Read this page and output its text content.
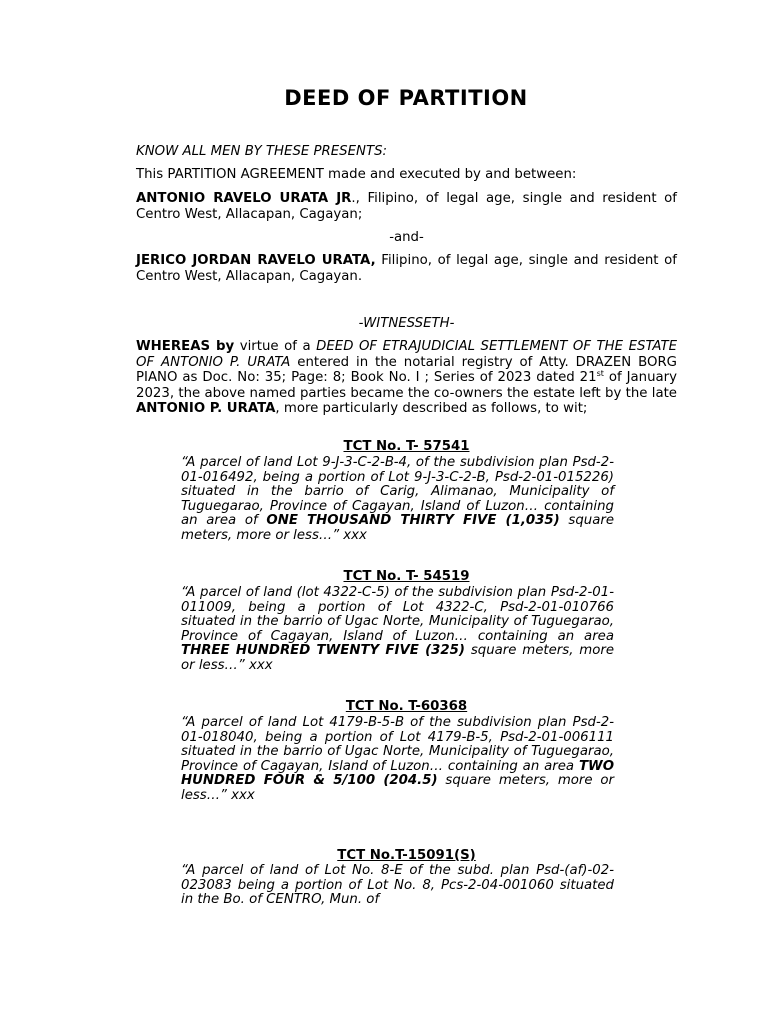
DEED OF PARTITION

KNOW ALL MEN BY THESE PRESENTS:

This PARTITION AGREEMENT made and executed by and between:

ANTONIO RAVELO URATA JR., Filipino, of legal age, single and resident of Centro West, Allacapan, Cagayan;

-and-

JERICO JORDAN RAVELO URATA, Filipino, of legal age, single and resident of Centro West, Allacapan, Cagayan.

-WITNESSETH-

WHEREAS by virtue of a DEED OF ETRAJUDICIAL SETTLEMENT OF THE ESTATE OF ANTONIO P. URATA entered in the notarial registry of Atty. DRAZEN BORG PIANO as Doc. No: 35; Page: 8; Book No. I ; Series of 2023 dated 21st of January 2023, the above named parties became the co-owners the estate left by the late ANTONIO P. URATA, more particularly described as follows, to wit;

TCT No. T- 57541

“A parcel of land Lot 9-J-3-C-2-B-4, of the subdivision plan Psd-2-01-016492, being a portion of Lot 9-J-3-C-2-B, Psd-2-01-015226) situated in the barrio of Carig, Alimanao, Municipality of Tuguegarao, Province of Cagayan, Island of Luzon… containing an area of ONE THOUSAND THIRTY FIVE (1,035) square meters, more or less…” xxx

TCT No. T- 54519

“A parcel of land (lot 4322-C-5) of the subdivision plan Psd-2-01-011009, being a portion of Lot 4322-C, Psd-2-01-010766 situated in the barrio of Ugac Norte, Municipality of Tuguegarao, Province of Cagayan, Island of Luzon… containing an area THREE HUNDRED TWENTY FIVE (325) square meters, more or less…” xxx

TCT No. T-60368

“A parcel of land Lot 4179-B-5-B of the subdivision plan Psd-2-01-018040, being a portion of Lot 4179-B-5, Psd-2-01-006111 situated in the barrio of Ugac Norte, Municipality of Tuguegarao, Province of Cagayan, Island of Luzon… containing an area TWO HUNDRED FOUR & 5/100 (204.5) square meters, more or less…” xxx

TCT No.T-15091(S)

“A parcel of land of Lot No. 8-E of the subd. plan Psd-(af)-02-023083 being a portion of Lot No. 8, Pcs-2-04-001060 situated in the Bo. of CENTRO, Mun. of
